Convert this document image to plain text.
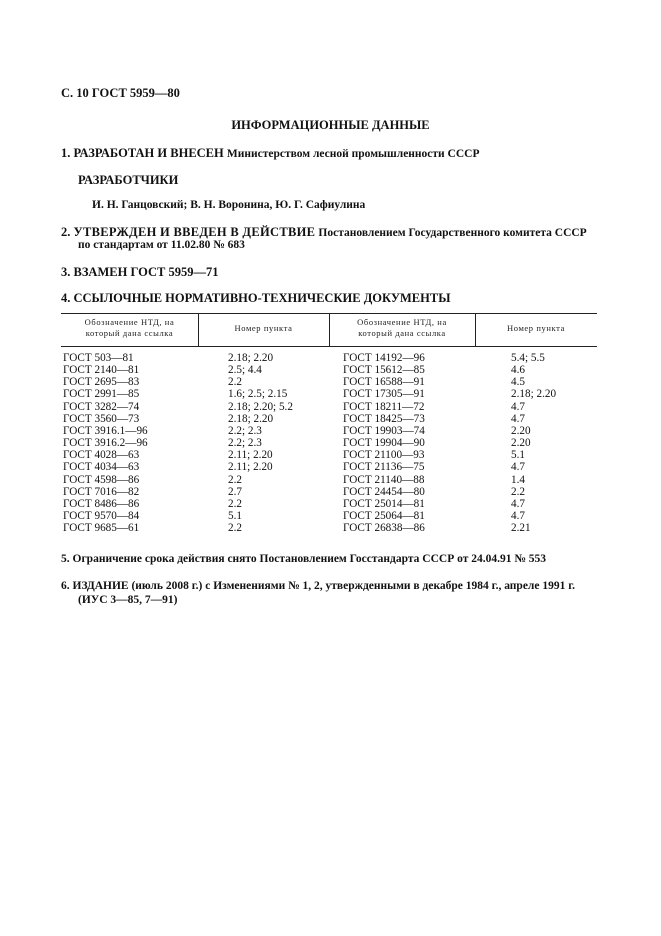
С. 10 ГОСТ 5959—80
ИНФОРМАЦИОННЫЕ ДАННЫЕ
1. РАЗРАБОТАН И ВНЕСЕН Министерством лесной промышленности СССР
РАЗРАБОТЧИКИ
И. Н. Ганцовский; В. Н. Воронина, Ю. Г. Сафиулина
2. УТВЕРЖДЕН И ВВЕДЕН В ДЕЙСТВИЕ Постановлением Государственного комитета СССР
по стандартам от 11.02.80 № 683
3. ВЗАМЕН ГОСТ 5959—71
4. ССЫЛОЧНЫЕ НОРМАТИВНО-ТЕХНИЧЕСКИЕ ДОКУМЕНТЫ
Обозначение НТД, на
который дана ссылка	Номер пункта
Обозначение НТД, на
который дана ссылка	Номер пункта
ГОСТ 503—81
ГОСТ 2140—81
ГОСТ 2695—83
ГОСТ 2991—85
ГОСТ 3282—74
ГОСТ 3560—73
ГОСТ 3916.1—96
ГОСТ 3916.2—96
ГОСТ 4028—63
ГОСТ 4034—63
ГОСТ 4598—86
ГОСТ 7016—82
ГОСТ 8486—86
ГОСТ 9570—84
ГОСТ 9685—61
2.18; 2.20
2.5; 4.4
2.2
1.6; 2.5; 2.15
2.18; 2.20; 5.2
2.18; 2.20
2.2; 2.3
2.2; 2.3
2.11; 2.20
2.11; 2.20
2.2
2.7
2.2
5.1
2.2
ГОСТ 14192—96
ГОСТ 15612—85
ГОСТ 16588—91
ГОСТ 17305—91
ГОСТ 18211—72
ГОСТ 18425—73
ГОСТ 19903—74
ГОСТ 19904—90
ГОСТ 21100—93
ГОСТ 21136—75
ГОСТ 21140—88
ГОСТ 24454—80
ГОСТ 25014—81
ГОСТ 25064—81
ГОСТ 26838—86
5.4; 5.5
4.6
4.5
2.18; 2.20
4.7
4.7
2.20
2.20
5.1
4.7
1.4
2.2
4.7
4.7
2.21
5. Ограничение срока действия снято Постановлением Госстандарта СССР от 24.04.91 № 553
6. ИЗДАНИЕ (июль 2008 г.) с Изменениями № 1, 2, утвержденными в декабре 1984 г., апреле 1991 г.
(ИУС 3—85, 7—91)
